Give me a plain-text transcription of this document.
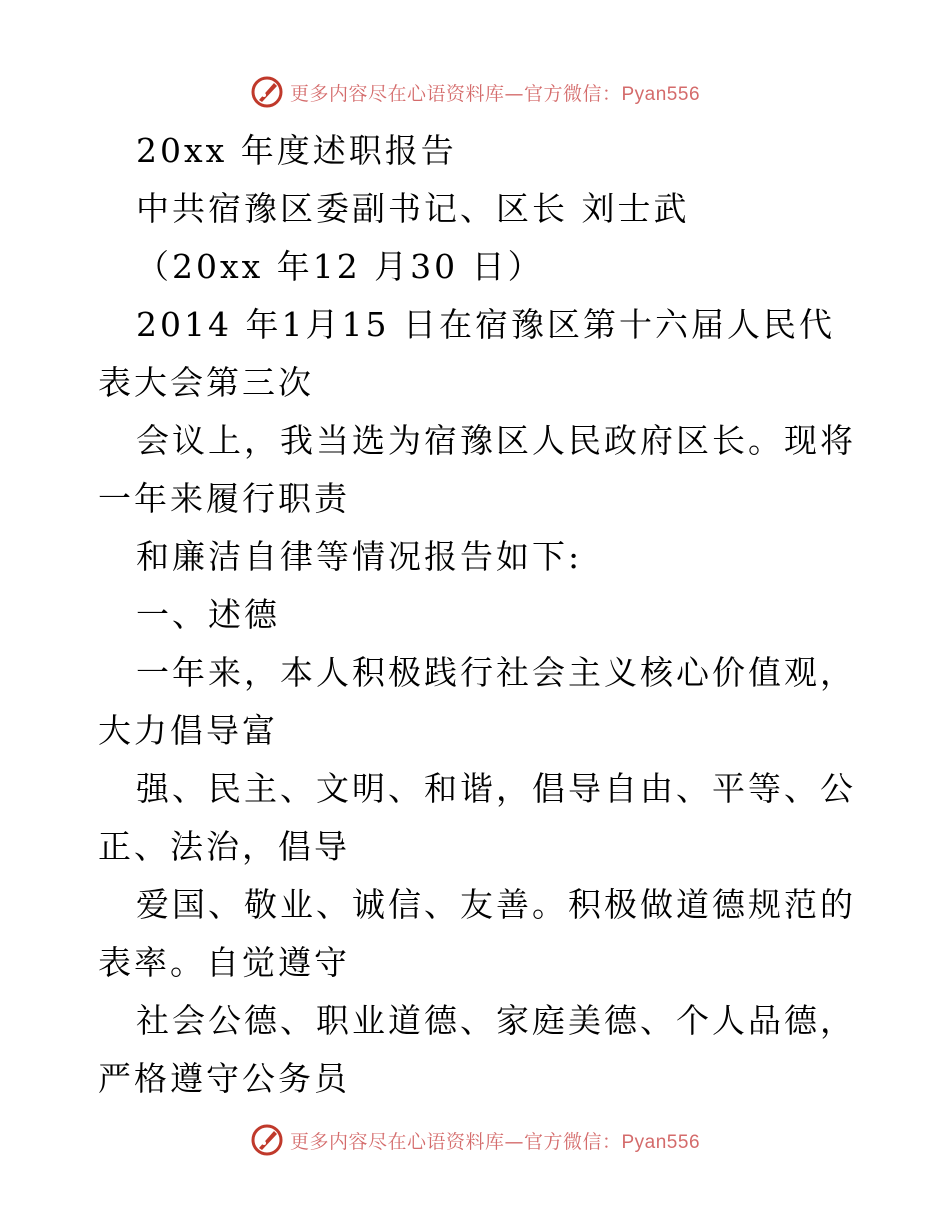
更多内容尽在心语资料库—官方微信：Pyan556

20xx 年度述职报告

中共宿豫区委副书记、区长 刘士武

（20xx 年12 月30 日）

2014 年1月15 日在宿豫区第十六届人民代表大会第三次

会议上，我当选为宿豫区人民政府区长。现将一年来履行职责

和廉洁自律等情况报告如下:

一、述德

一年来，本人积极践行社会主义核心价值观，大力倡导富

强、民主、文明、和谐，倡导自由、平等、公正、法治，倡导

爱国、敬业、诚信、友善。积极做道德规范的表率。自觉遵守

社会公德、职业道德、家庭美德、个人品德，严格遵守公务员

更多内容尽在心语资料库—官方微信：Pyan556
